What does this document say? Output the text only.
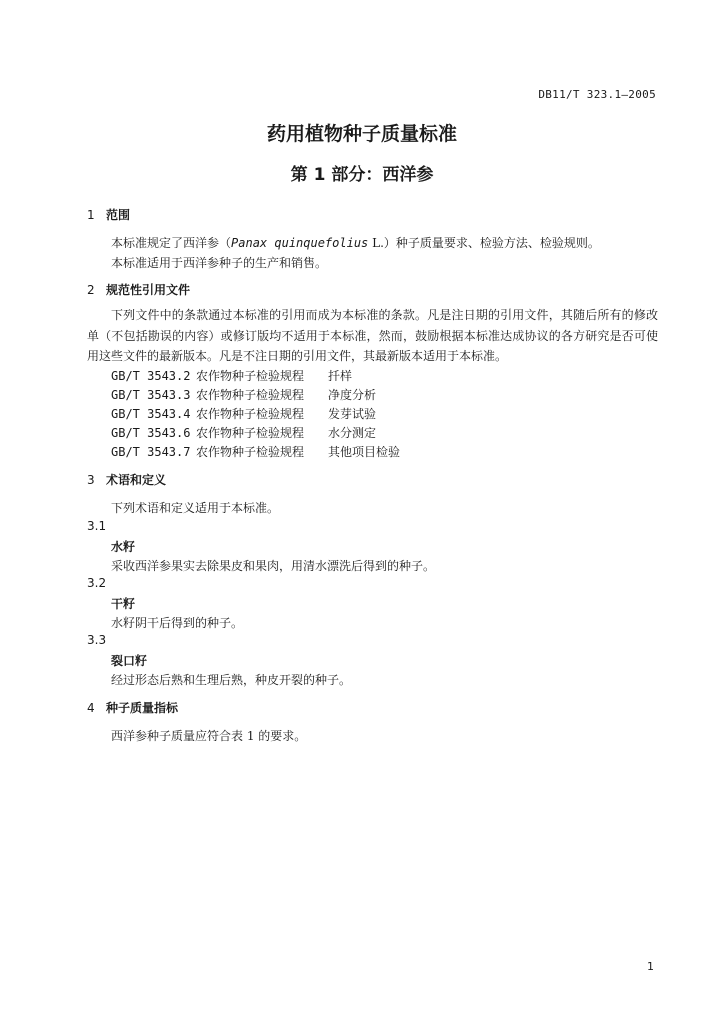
DB11/T 323.1—2005
药用植物种子质量标准
第 1 部分：西洋参
1 范围
本标准规定了西洋参（Panax quinquefolius L.）种子质量要求、检验方法、检验规则。
本标准适用于西洋参种子的生产和销售。
2 规范性引用文件
下列文件中的条款通过本标准的引用而成为本标准的条款。凡是注日期的引用文件，其随后所有的修改单（不包括勘误的内容）或修订版均不适用于本标准，然而，鼓励根据本标准达成协议的各方研究是否可使用这些文件的最新版本。凡是不注日期的引用文件，其最新版本适用于本标准。
GB/T 3543.2 农作物种子检验规程 扦样
GB/T 3543.3 农作物种子检验规程 净度分析
GB/T 3543.4 农作物种子检验规程 发芽试验
GB/T 3543.6 农作物种子检验规程 水分测定
GB/T 3543.7 农作物种子检验规程 其他项目检验
3 术语和定义
下列术语和定义适用于本标准。
3.1
水籽
采收西洋参果实去除果皮和果肉，用清水漂洗后得到的种子。
3.2
干籽
水籽阴干后得到的种子。
3.3
裂口籽
经过形态后熟和生理后熟，种皮开裂的种子。
4 种子质量指标
西洋参种子质量应符合表 1 的要求。
1
